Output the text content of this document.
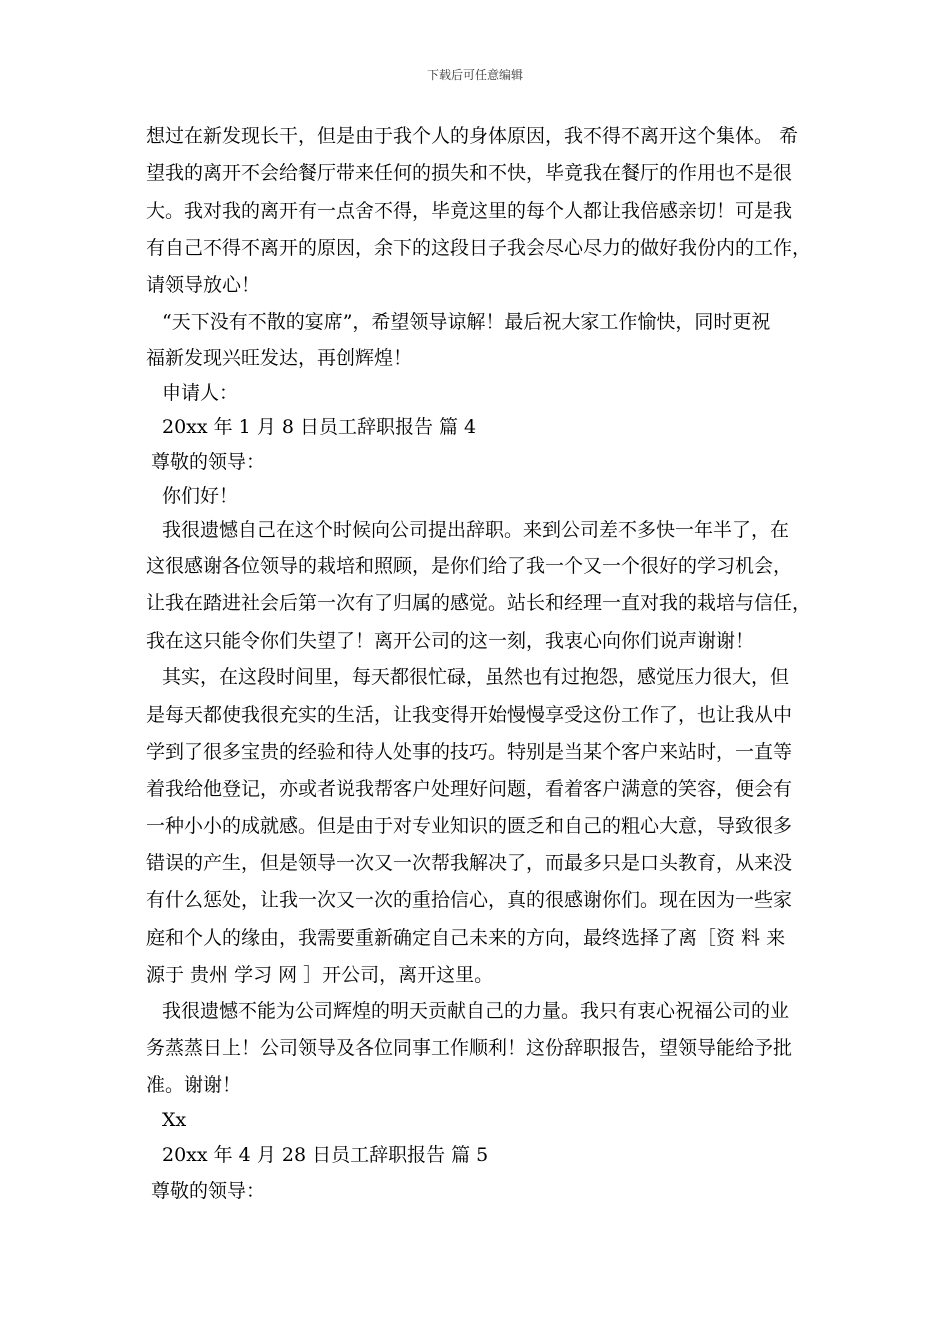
下载后可任意编辑
想过在新发现长干，但是由于我个人的身体原因，我不得不离开这个集体。 希
望我的离开不会给餐厅带来任何的损失和不快，毕竟我在餐厅的作用也不是很
大。我对我的离开有一点舍不得，毕竟这里的每个人都让我倍感亲切！可是我
有自己不得不离开的原因，余下的这段日子我会尽心尽力的做好我份内的工作，
请领导放心！
“天下没有不散的宴席”，希望领导谅解！最后祝大家工作愉快，同时更祝
福新发现兴旺发达，再创辉煌！
申请人：
20xx 年 1 月 8 日员工辞职报告 篇 4
尊敬的领导：
你们好！
我很遗憾自己在这个时候向公司提出辞职。来到公司差不多快一年半了，在
这很感谢各位领导的栽培和照顾，是你们给了我一个又一个很好的学习机会，
让我在踏进社会后第一次有了归属的感觉。站长和经理一直对我的栽培与信任，
我在这只能令你们失望了！离开公司的这一刻，我衷心向你们说声谢谢！
其实，在这段时间里，每天都很忙碌，虽然也有过抱怨，感觉压力很大，但
是每天都使我很充实的生活，让我变得开始慢慢享受这份工作了，也让我从中
学到了很多宝贵的经验和待人处事的技巧。特别是当某个客户来站时，一直等
着我给他登记，亦或者说我帮客户处理好问题，看着客户满意的笑容，便会有
一种小小的成就感。但是由于对专业知识的匮乏和自己的粗心大意，导致很多
错误的产生，但是领导一次又一次帮我解决了，而最多只是口头教育，从来没
有什么惩处，让我一次又一次的重拾信心，真的很感谢你们。现在因为一些家
庭和个人的缘由，我需要重新确定自己未来的方向，最终选择了离［资 料 来
源于 贵州 学习 网 ］开公司，离开这里。
我很遗憾不能为公司辉煌的明天贡献自己的力量。我只有衷心祝福公司的业
务蒸蒸日上！公司领导及各位同事工作顺利！这份辞职报告，望领导能给予批
准。谢谢！
Xx
20xx 年 4 月 28 日员工辞职报告 篇 5
尊敬的领导：
